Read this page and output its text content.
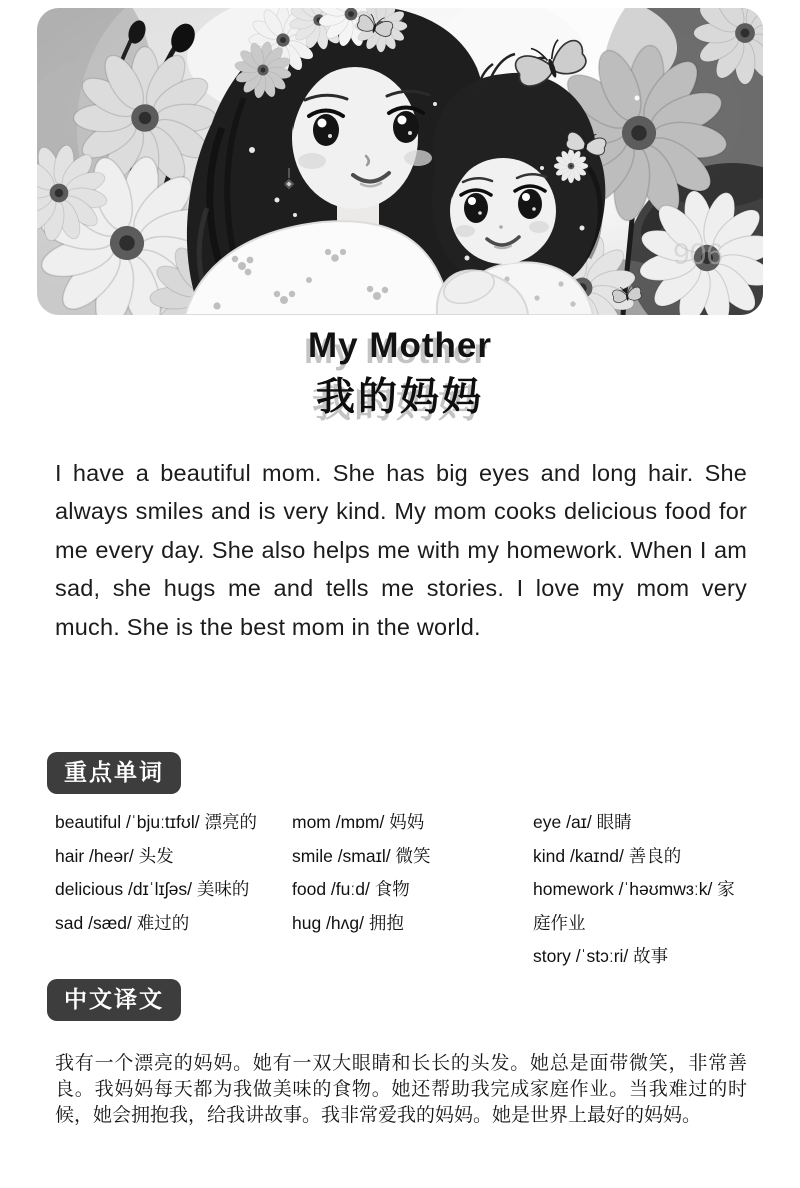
906
My Mother
我的妈妈

I have a beautiful mom. She has big eyes and long hair. She always smiles and is very kind. My mom cooks delicious food for me every day. She also helps me with my homework. When I am sad, she hugs me and tells me stories. I love my mom very much. She is the best mom in the world.

重点单词
beautiful /ˈbjuːtɪfʊl/ 漂亮的
hair /heər/ 头发
delicious /dɪˈlɪʃəs/ 美味的
sad /sæd/ 难过的
mom /mɒm/ 妈妈
smile /smaɪl/ 微笑
food /fuːd/ 食物
hug /hʌg/ 拥抱
eye /aɪ/ 眼睛
kind /kaɪnd/ 善良的
homework /ˈhəʊmwɜːk/ 家庭作业
story /ˈstɔːri/ 故事
中文译文

我有一个漂亮的妈妈。她有一双大眼睛和长长的头发。她总是面带微笑，非常善良。我妈妈每天都为我做美味的食物。她还帮助我完成家庭作业。当我难过的时候，她会拥抱我，给我讲故事。我非常爱我的妈妈。她是世界上最好的妈妈。
